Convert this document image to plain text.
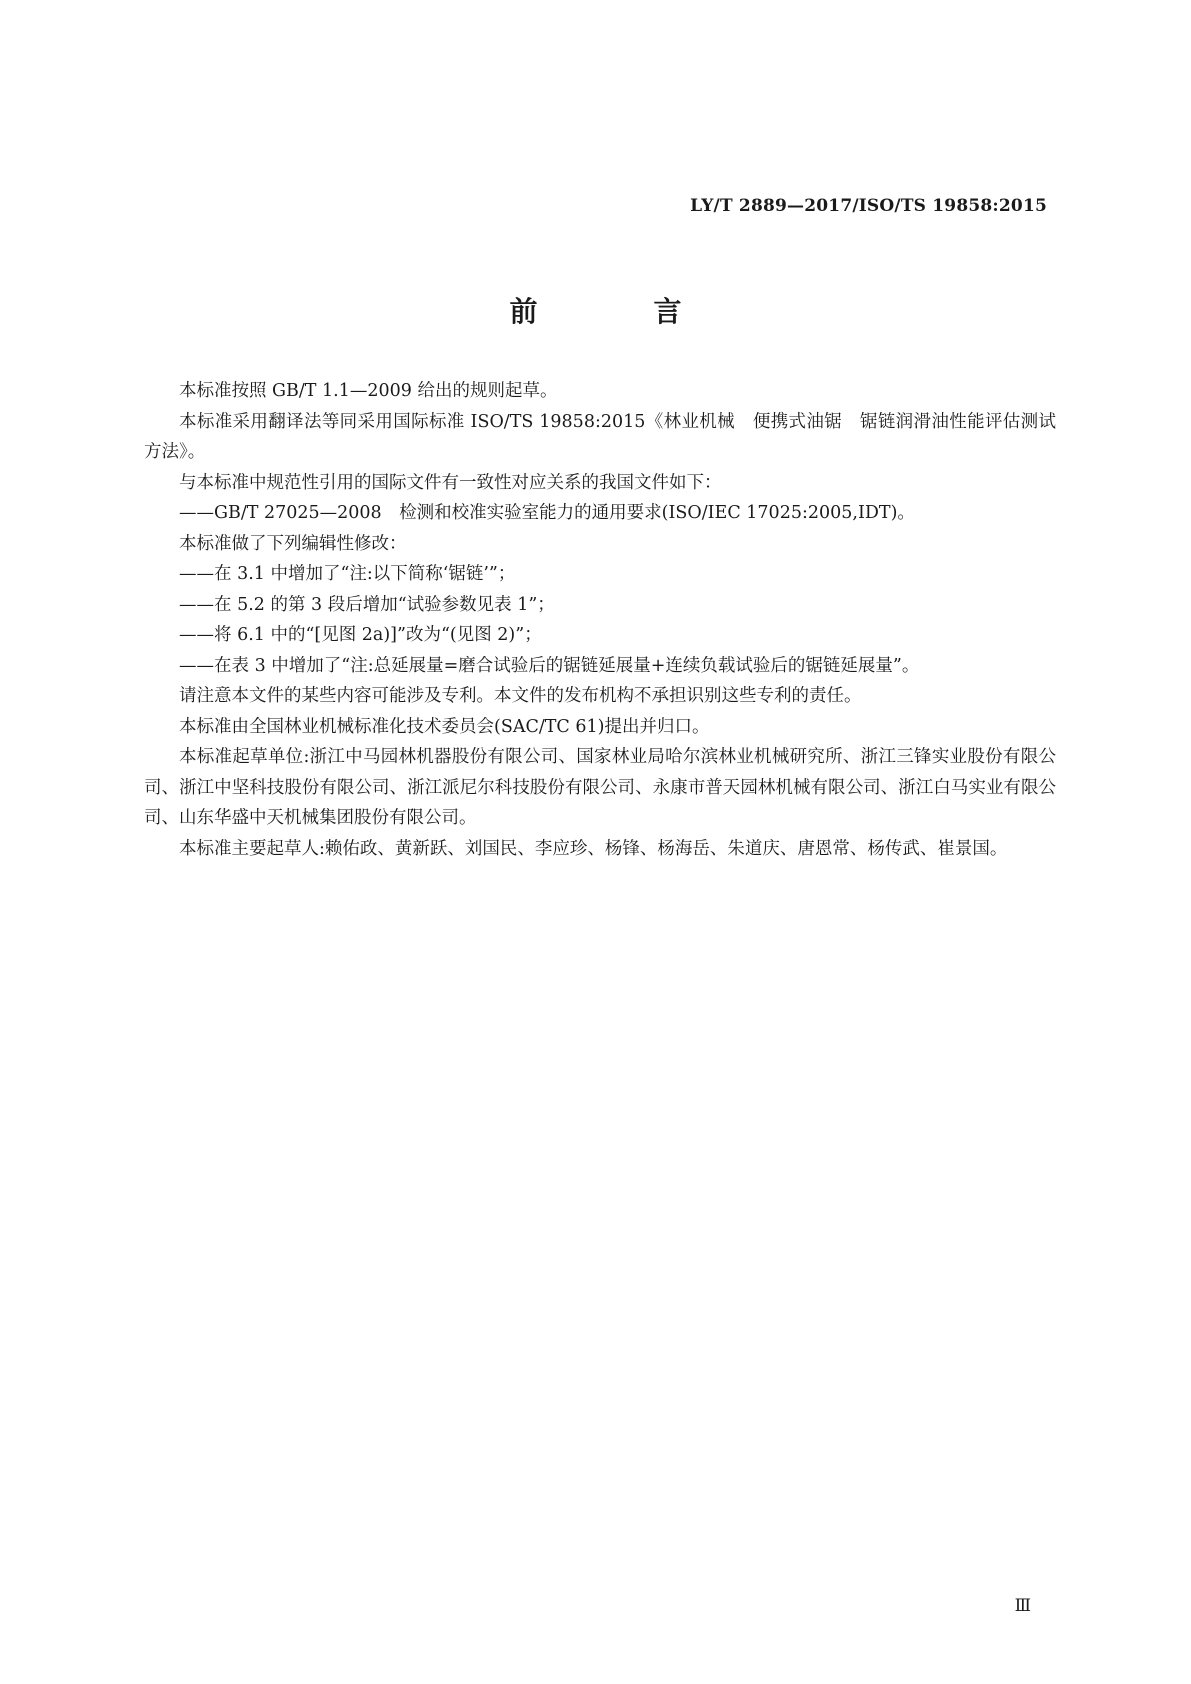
LY/T 2889—2017/ISO/TS 19858:2015
前　言

本标准按照 GB/T 1.1—2009 给出的规则起草。

本标准采用翻译法等同采用国际标准 ISO/TS 19858:2015《林业机械　便携式油锯　锯链润滑油性能评估测试方法》。

与本标准中规范性引用的国际文件有一致性对应关系的我国文件如下：

——GB/T 27025—2008　检测和校准实验室能力的通用要求(ISO/IEC 17025:2005,IDT)。

本标准做了下列编辑性修改：

——在 3.1 中增加了“注:以下简称‘锯链’”；

——在 5.2 的第 3 段后增加“试验参数见表 1”；

——将 6.1 中的“[见图 2a)]”改为“(见图 2)”；

——在表 3 中增加了“注:总延展量=磨合试验后的锯链延展量+连续负载试验后的锯链延展量”。

请注意本文件的某些内容可能涉及专利。本文件的发布机构不承担识别这些专利的责任。

本标准由全国林业机械标准化技术委员会(SAC/TC 61)提出并归口。

本标准起草单位:浙江中马园林机器股份有限公司、国家林业局哈尔滨林业机械研究所、浙江三锋实业股份有限公司、浙江中坚科技股份有限公司、浙江派尼尔科技股份有限公司、永康市普天园林机械有限公司、浙江白马实业有限公司、山东华盛中天机械集团股份有限公司。

本标准主要起草人:赖佑政、黄新跃、刘国民、李应珍、杨锋、杨海岳、朱道庆、唐恩常、杨传武、崔景国。

Ⅲ
